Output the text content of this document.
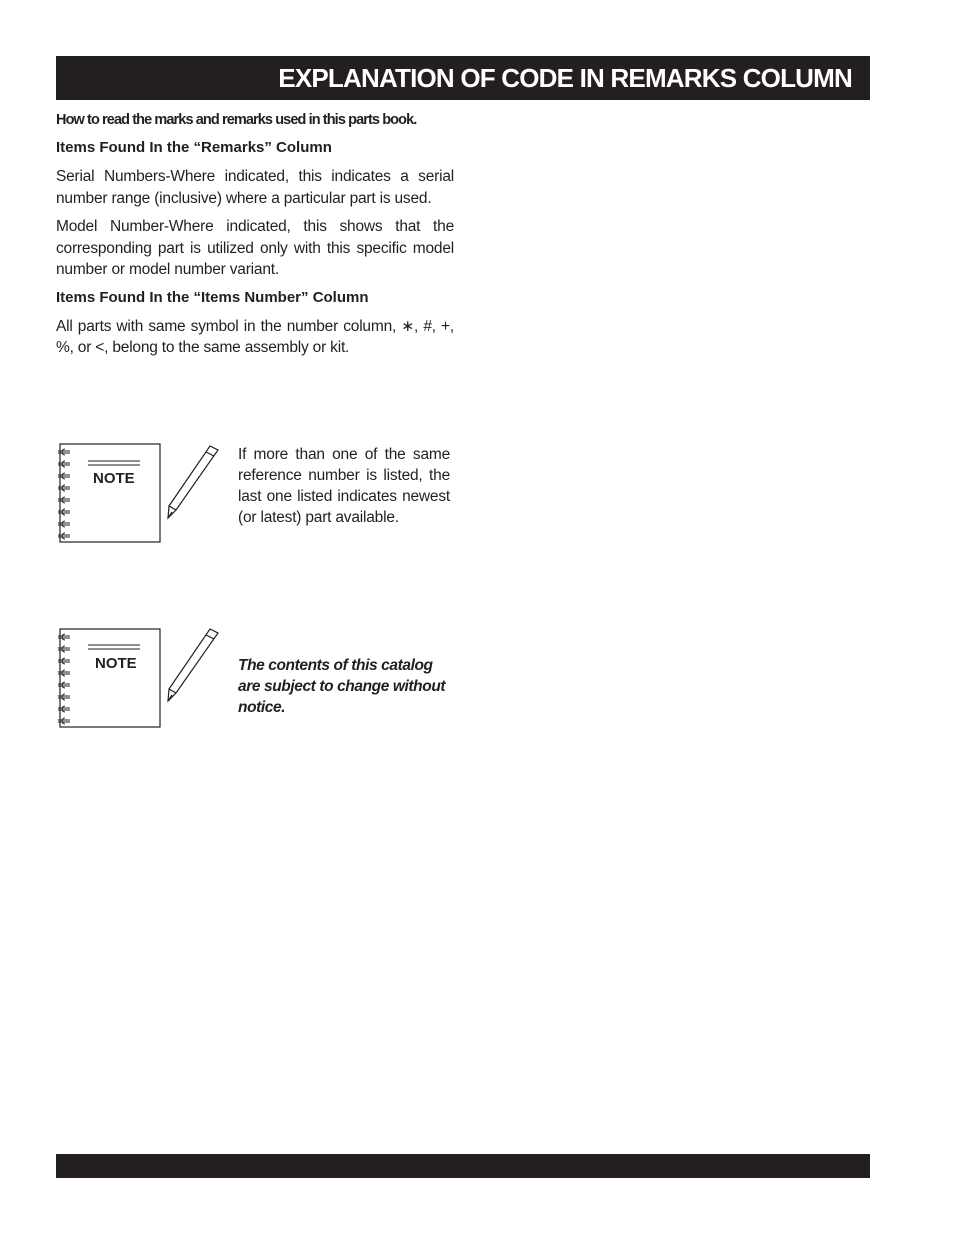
EXPLANATION OF CODE IN REMARKS COLUMN

How to read the marks and remarks used in this parts book.

Items Found In the “Remarks” Column

Serial Numbers-Where indicated, this indicates a serial number range (inclusive) where a particular part is used.

Model Number-Where indicated, this shows that the corresponding part is utilized only with this specific model number or model number variant.

Items Found In the “Items Number” Column

All parts with same symbol in the number column, ∗, #, +, %, or <, belong to the same assembly or kit.

NOTE
If more than one of the same reference number is listed, the last one listed indicates newest (or latest) part available.
NOTE	The contents of this catalog are subject to change without notice.

PAGE 50 — DCA-70USI (50 Hz) —  OPERATION AND PARTS  MANUAL — REV. #1  (04/22/05)
